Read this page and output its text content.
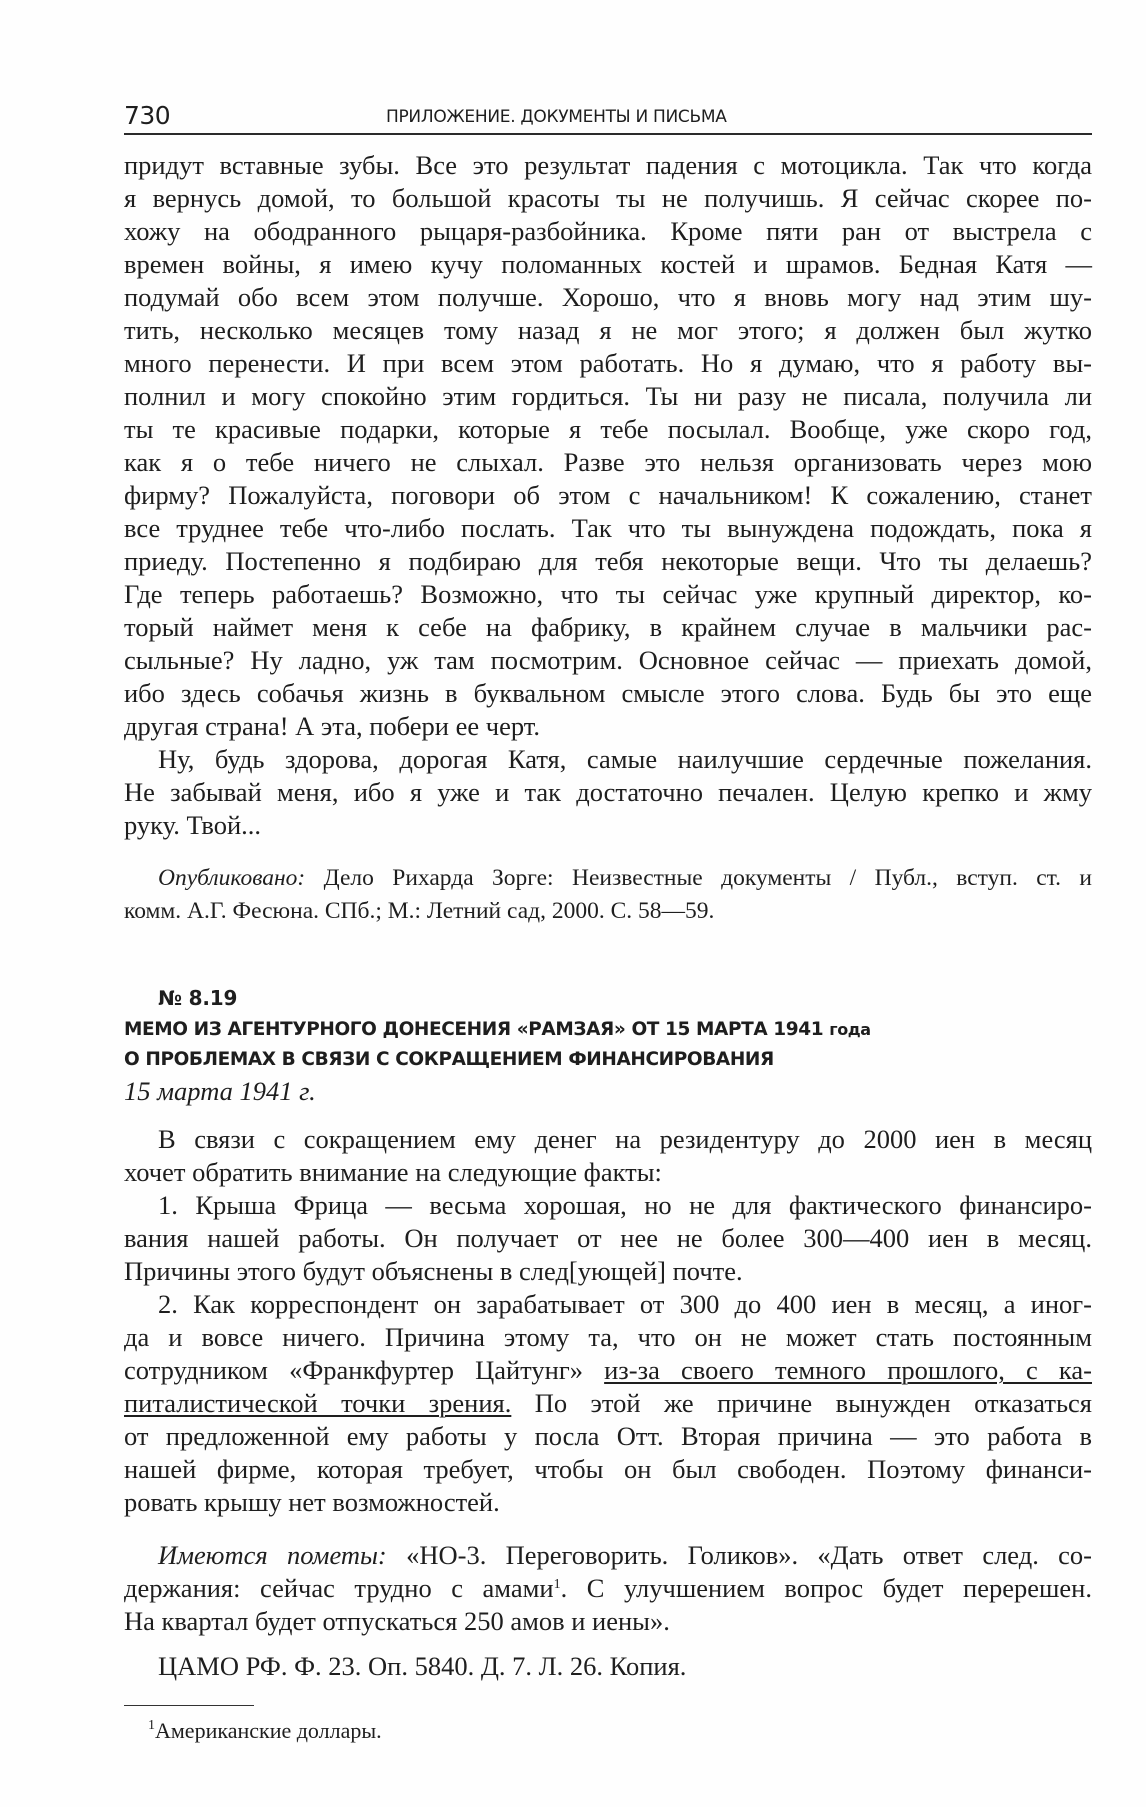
730	ПРИЛОЖЕНИЕ. ДОКУМЕНТЫ И ПИСЬМА
придут вставные зубы. Все это результат падения с мотоцикла. Так что когда
я вернусь домой, то большой красоты ты не получишь. Я сейчас скорее по-
хожу на ободранного рыцаря-разбойника. Кроме пяти ран от выстрела с
времен войны, я имею кучу поломанных костей и шрамов. Бедная Катя —
подумай обо всем этом получше. Хорошо, что я вновь могу над этим шу-
тить, несколько месяцев тому назад я не мог этого; я должен был жутко
много перенести. И при всем этом работать. Но я думаю, что я работу вы-
полнил и могу спокойно этим гордиться. Ты ни разу не писала, получила ли
ты те красивые подарки, которые я тебе посылал. Вообще, уже скоро год,
как я о тебе ничего не слыхал. Разве это нельзя организовать через мою
фирму? Пожалуйста, поговори об этом с начальником! К сожалению, станет
все труднее тебе что-либо послать. Так что ты вынуждена подождать, пока я
приеду. Постепенно я подбираю для тебя некоторые вещи. Что ты делаешь?
Где теперь работаешь? Возможно, что ты сейчас уже крупный директор, ко-
торый наймет меня к себе на фабрику, в крайнем случае в мальчики рас-
сыльные? Ну ладно, уж там посмотрим. Основное сейчас — приехать домой,
ибо здесь собачья жизнь в буквальном смысле этого слова. Будь бы это еще
другая страна! А эта, побери ее черт.
Ну, будь здорова, дорогая Катя, самые наилучшие сердечные пожелания.
Не забывай меня, ибо я уже и так достаточно печален. Целую крепко и жму
руку. Твой...
Опубликовано: Дело Рихарда Зорге: Неизвестные документы / Публ., вступ. ст. и
комм. А.Г. Фесюна. СПб.; М.: Летний сад, 2000. С. 58—59.
№ 8.19
МЕМО ИЗ АГЕНТУРНОГО ДОНЕСЕНИЯ «РАМЗАЯ» ОТ 15 МАРТА 1941 года
О ПРОБЛЕМАХ В СВЯЗИ С СОКРАЩЕНИЕМ ФИНАНСИРОВАНИЯ
15 марта 1941 г.
В связи с сокращением ему денег на резидентуру до 2000 иен в месяц
хочет обратить внимание на следующие факты:
1. Крыша Фрица — весьма хорошая, но не для фактического финансиро-
вания нашей работы. Он получает от нее не более 300—400 иен в месяц.
Причины этого будут объяснены в след[ующей] почте.
2. Как корреспондент он зарабатывает от 300 до 400 иен в месяц, а иног-
да и вовсе ничего. Причина этому та, что он не может стать постоянным
сотрудником «Франкфуртер Цайтунг» из-за своего темного прошлого, с ка-
питалистической точки зрения. По этой же причине вынужден отказаться
от предложенной ему работы у посла Отт. Вторая причина — это работа в
нашей фирме, которая требует, чтобы он был свободен. Поэтому финанси-
ровать крышу нет возможностей.
Имеются пометы: «НО-3. Переговорить. Голиков». «Дать ответ след. со-
держания: сейчас трудно с амами$^1$. С улучшением вопрос будет перерешен.
На квартал будет отпускаться 250 амов и иены».
ЦАМО РФ. Ф. 23. Оп. 5840. Д. 7. Л. 26. Копия.
$^1$Американские доллары.
